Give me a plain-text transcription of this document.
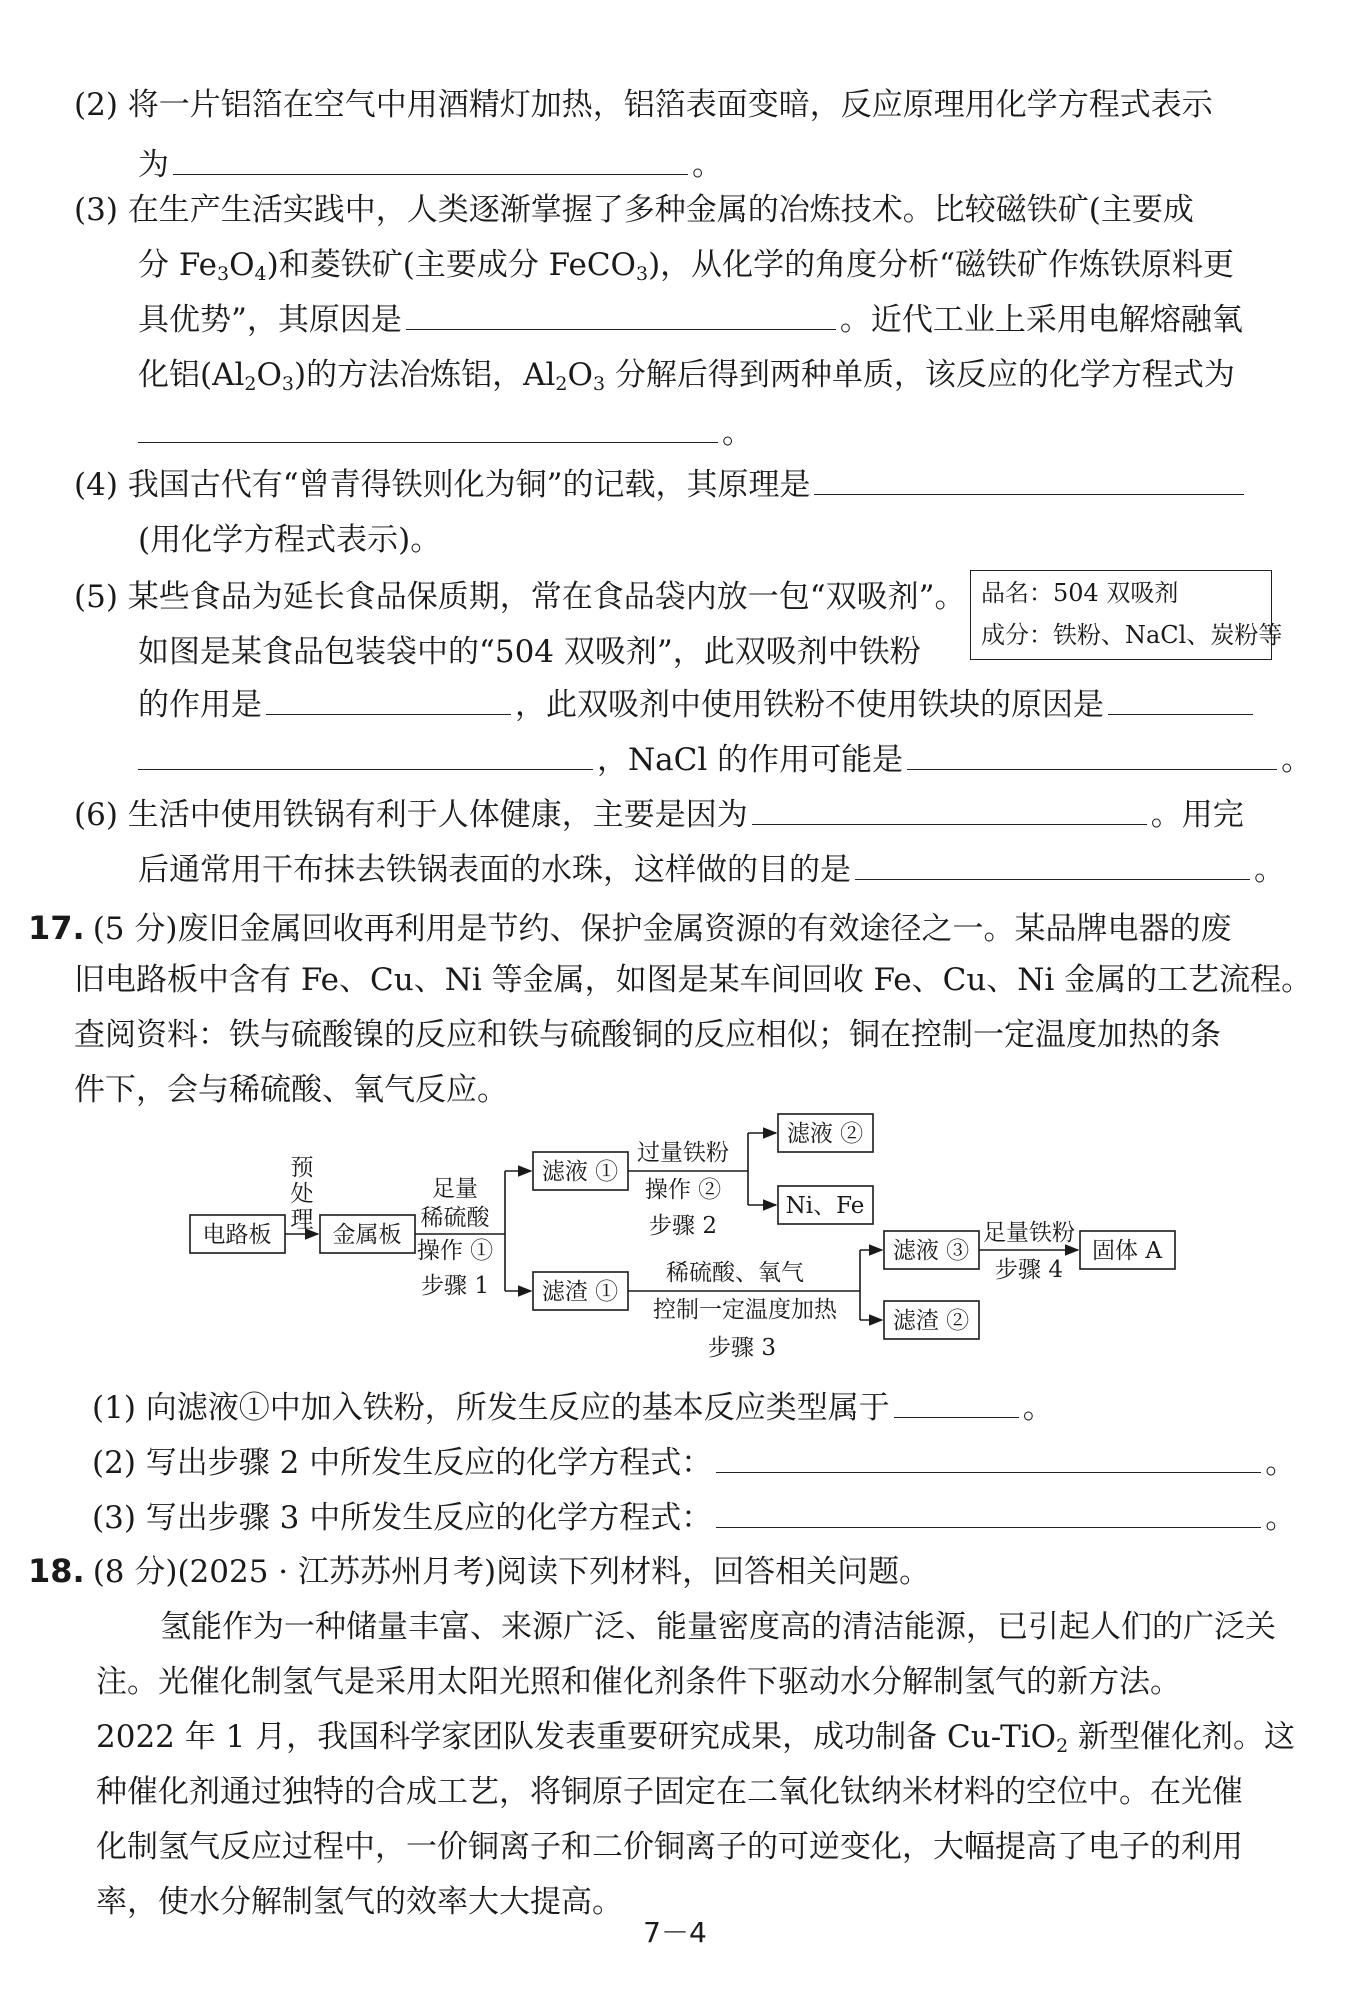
(2) 将一片铝箔在空气中用酒精灯加热，铝箔表面变暗，反应原理用化学方程式表示
为	。
(3) 在生产生活实践中，人类逐渐掌握了多种金属的冶炼技术。比较磁铁矿(主要成
分 $Fe_3O_4$)和菱铁矿(主要成分 FeCO$_3$)，从化学的角度分析“磁铁矿作炼铁原料更
具优势”，其原因是	。近代工业上采用电解熔融氧
化铝$(Al_2O_3)$的方法冶炼铝，$Al_2O_3$ 分解后得到两种单质，该反应的化学方程式为
。
(4) 我国古代有“曾青得铁则化为铜”的记载，其原理是
(用化学方程式表示)。
(5) 某些食品为延长食品保质期，常在食品袋内放一包“双吸剂”。 品名：504 双吸剂
成分：铁粉、NaCl、炭粉等
如图是某食品包装袋中的“504 双吸剂”，此双吸剂中铁粉
的作用是	，此双吸剂中使用铁粉不使用铁块的原因是
，NaCl 的作用可能是	。
(6) 生活中使用铁锅有利于人体健康，主要是因为	。用完
后通常用干布抹去铁锅表面的水珠，这样做的目的是	。
17. (5 分)废旧金属回收再利用是节约、保护金属资源的有效途径之一。某品牌电器的废
旧电路板中含有 Fe、Cu、Ni 等金属，如图是某车间回收 Fe、Cu、Ni 金属的工艺流程。
查阅资料：铁与硫酸镍的反应和铁与硫酸铜的反应相似；铜在控制一定温度加热的条
件下，会与稀硫酸、氧气反应。
电路板	金属板
预
处
理
足量
稀硫酸
操作 ①
步骤 1
滤液 ①
滤渣 ①
过量铁粉
操作 ②
步骤 2
滤液 ②
Ni、Fe
稀硫酸、氧气
控制一定温度加热
步骤 3
滤液 ③
滤渣 ②
足量铁粉
步骤 4
固体 A
(1) 向滤液①中加入铁粉，所发生反应的基本反应类型属于	。
(2) 写出步骤 2 中所发生反应的化学方程式：	。
(3) 写出步骤 3 中所发生反应的化学方程式：	。
18. (8 分)(2025 · 江苏苏州月考)阅读下列材料，回答相关问题。
氢能作为一种储量丰富、来源广泛、能量密度高的清洁能源，已引起人们的广泛关
注。光催化制氢气是采用太阳光照和催化剂条件下驱动水分解制氢气的新方法。
2022 年 1 月，我国科学家团队发表重要研究成果，成功制备 Cu-TiO$_2$ 新型催化剂。这
种催化剂通过独特的合成工艺，将铜原子固定在二氧化钛纳米材料的空位中。在光催
化制氢气反应过程中，一价铜离子和二价铜离子的可逆变化，大幅提高了电子的利用
率，使水分解制氢气的效率大大提高。
7－4
